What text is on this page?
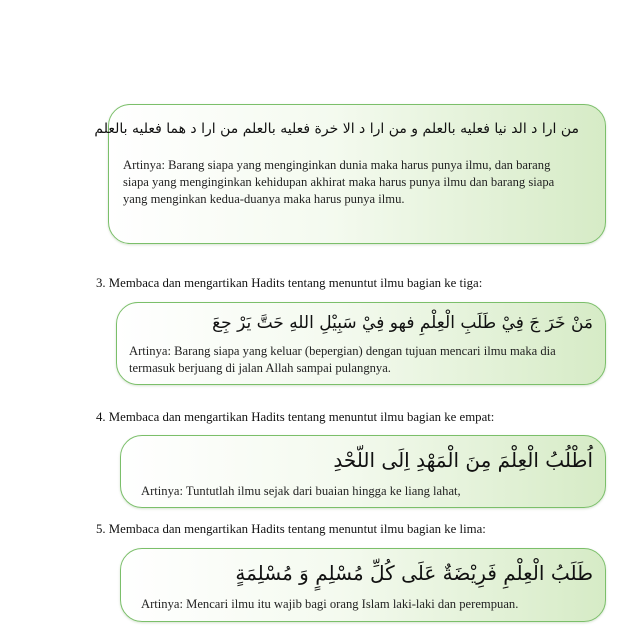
من ارا د الد نيا فعليه بالعلم و من ارا د الا خرة فعليه بالعلم من ارا د هما فعليه بالعلم
Artinya: Barang siapa yang menginginkan dunia maka harus punya ilmu, dan barang siapa yang menginginkan kehidupan akhirat maka harus punya ilmu dan barang siapa yang menginkan kedua-duanya maka harus punya ilmu.
3. Membaca dan mengartikan Hadits tentang menuntut ilmu bagian ke tiga:
مَنْ خَرَ جَ فِيْ طَلَبِ الْعِلْمِ فهو فِيْ سَبِيْلِ اللهِ حَتَّ يَرْ جِعَ
Artinya: Barang siapa yang keluar (bepergian) dengan tujuan mencari ilmu maka dia termasuk berjuang di jalan Allah sampai pulangnya.
4. Membaca dan mengartikan Hadits tentang menuntut ilmu bagian ke empat:
اُطْلُبُ الْعِلْمَ مِنَ الْمَهْدِ اِلَى اللّحْدِ
Artinya: Tuntutlah ilmu sejak dari buaian hingga ke liang lahat,
5. Membaca dan mengartikan Hadits tentang menuntut ilmu bagian ke lima:
طَلَبُ الْعِلْمِ فَرِيْضَةٌ عَلَى كُلِّ مُسْلِمٍ وَ مُسْلِمَةٍ
Artinya: Mencari ilmu itu wajib bagi orang Islam laki-laki dan perempuan.
